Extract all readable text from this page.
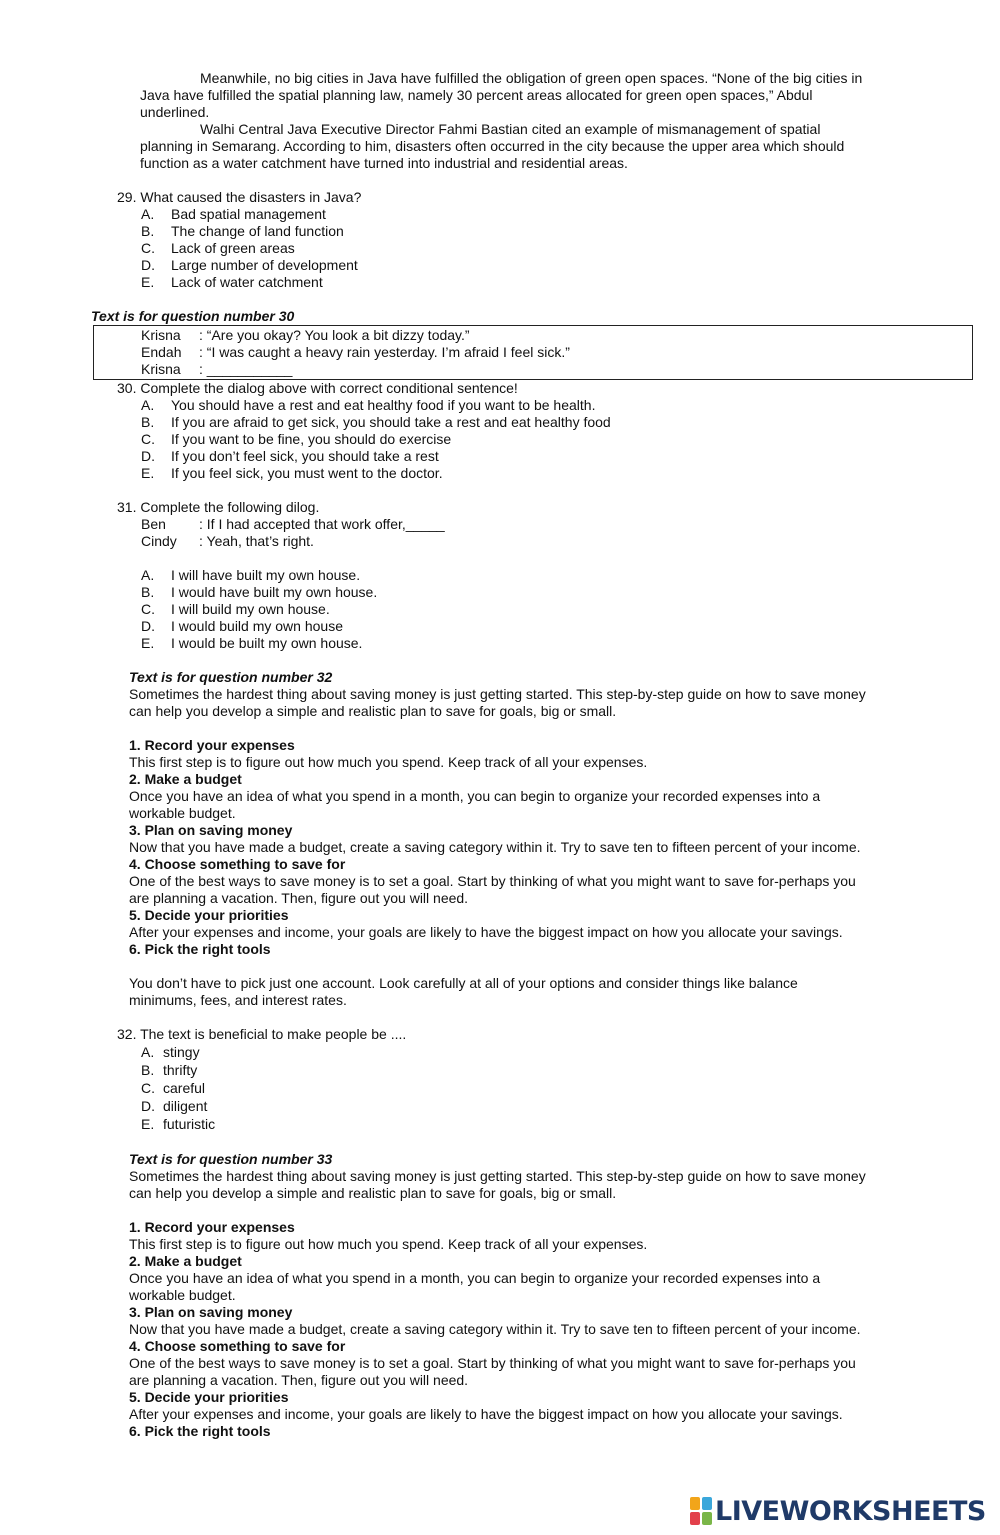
Meanwhile, no big cities in Java have fulfilled the obligation of green open spaces. “None of the big cities in
Java have fulfilled the spatial planning law, namely 30 percent areas allocated for green open spaces,” Abdul
underlined.
Walhi Central Java Executive Director Fahmi Bastian cited an example of mismanagement of spatial
planning in Semarang. According to him, disasters often occurred in the city because the upper area which should
function as a water catchment have turned into industrial and residential areas.
29. What caused the disasters in Java?
A. Bad spatial management
B. The change of land function
C. Lack of green areas
D. Large number of development
E. Lack of water catchment
Text is for question number 30
Krisna : “Are you okay? You look a bit dizzy today.”
Endah : “I was caught a heavy rain yesterday. I’m afraid I feel sick.”
Krisna : ___________
30. Complete the dialog above with correct conditional sentence!
A. You should have a rest and eat healthy food if you want to be health.
B. If you are afraid to get sick, you should take a rest and eat healthy food
C. If you want to be fine, you should do exercise
D. If you don’t feel sick, you should take a rest
E. If you feel sick, you must went to the doctor.
31. Complete the following dilog.
Ben : If I had accepted that work offer,_____
Cindy : Yeah, that’s right.
A. I will have built my own house.
B. I would have built my own house.
C. I will build my own house.
D. I would build my own house
E. I would be built my own house.
Text is for question number 32
Sometimes the hardest thing about saving money is just getting started. This step-by-step guide on how to save money
can help you develop a simple and realistic plan to save for goals, big or small.
1. Record your expenses
This first step is to figure out how much you spend. Keep track of all your expenses.
2. Make a budget
Once you have an idea of what you spend in a month, you can begin to organize your recorded expenses into a
workable budget.
3. Plan on saving money
Now that you have made a budget, create a saving category within it. Try to save ten to fifteen percent of your income.
4. Choose something to save for
One of the best ways to save money is to set a goal. Start by thinking of what you might want to save for-perhaps you
are planning a vacation. Then, figure out you will need.
5. Decide your priorities
After your expenses and income, your goals are likely to have the biggest impact on how you allocate your savings.
6. Pick the right tools
You don’t have to pick just one account. Look carefully at all of your options and consider things like balance
minimums, fees, and interest rates.
32. The text is beneficial to make people be ....
A. stingy
B. thrifty
C. careful
D. diligent
E. futuristic
Text is for question number 33
Sometimes the hardest thing about saving money is just getting started. This step-by-step guide on how to save money
can help you develop a simple and realistic plan to save for goals, big or small.
1. Record your expenses
This first step is to figure out how much you spend. Keep track of all your expenses.
2. Make a budget
Once you have an idea of what you spend in a month, you can begin to organize your recorded expenses into a
workable budget.
3. Plan on saving money
Now that you have made a budget, create a saving category within it. Try to save ten to fifteen percent of your income.
4. Choose something to save for
One of the best ways to save money is to set a goal. Start by thinking of what you might want to save for-perhaps you
are planning a vacation. Then, figure out you will need.
5. Decide your priorities
After your expenses and income, your goals are likely to have the biggest impact on how you allocate your savings.
6. Pick the right tools
LIVEWORKSHEETS
